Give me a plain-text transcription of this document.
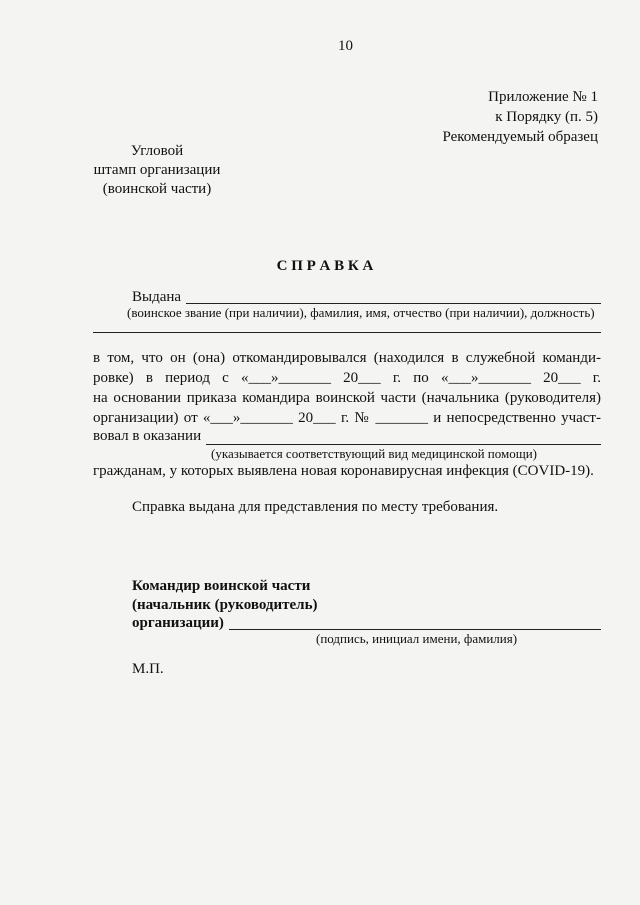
10
Приложение № 1
к Порядку (п. 5)
Рекомендуемый образец
Угловой
штамп организации
(воинской части)
С П Р А В К А
Выдана
(воинское звание (при наличии), фамилия, имя, отчество (при наличии), должность)
в том, что он (она) откомандировывался (находился в служебной команди-
ровке) в период с «___»_______ 20___ г. по «___»_______ 20___ г.
на основании приказа командира воинской части (начальника (руководителя)
организации) от «___»_______ 20___ г. № _______ и непосредственно участ-
вовал в оказании
(указывается соответствующий вид медицинской помощи)
гражданам, у которых выявлена новая коронавирусная инфекция (COVID-19).
Справка выдана для представления по месту требования.
Командир воинской части
(начальник (руководитель)
организации)
(подпись, инициал имени, фамилия)
М.П.
